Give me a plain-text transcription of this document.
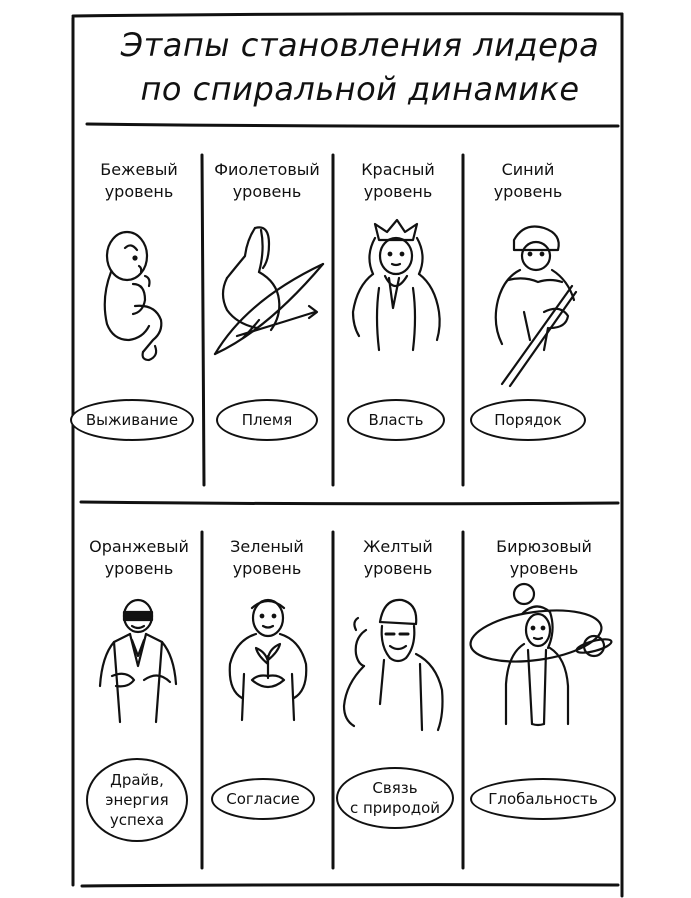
Этапы становления лидера
по спиральной динамике
Бежевый
уровень
Выживание
Фиолетовый
уровень
Племя
Красный
уровень
Власть
Синий
уровень
Порядок
Оранжевый
уровень
Драйв,
энергия
успеха
Зеленый
уровень
Согласие
Желтый
уровень
Связь
с природой
Бирюзовый
уровень
Глобальность
